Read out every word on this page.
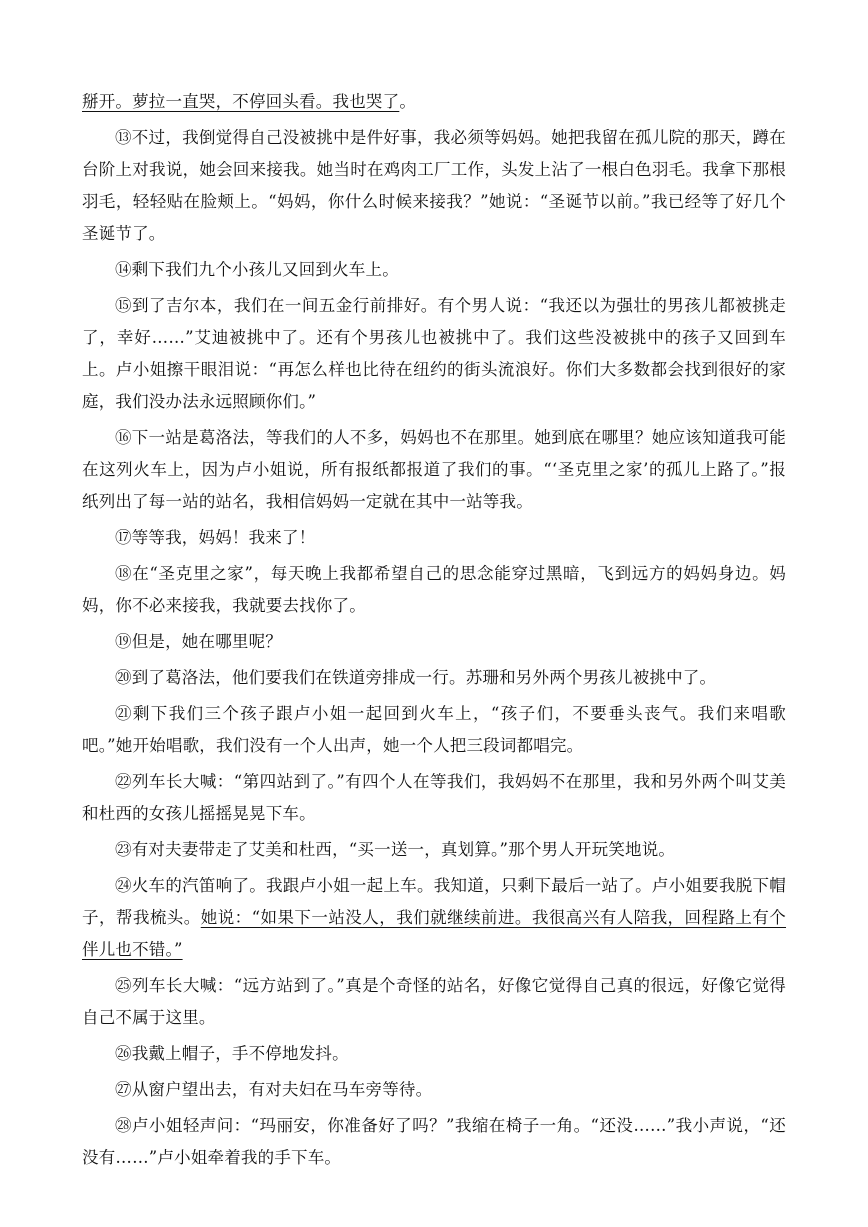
掰开。萝拉一直哭，不停回头看。我也哭了。

⑬不过，我倒觉得自己没被挑中是件好事，我必须等妈妈。她把我留在孤儿院的那天，蹲在台阶上对我说，她会回来接我。她当时在鸡肉工厂工作，头发上沾了一根白色羽毛。我拿下那根羽毛，轻轻贴在脸颊上。“妈妈，你什么时候来接我？”她说：“圣诞节以前。”我已经等了好几个圣诞节了。

⑭剩下我们九个小孩儿又回到火车上。

⑮到了吉尔本，我们在一间五金行前排好。有个男人说：“我还以为强壮的男孩儿都被挑走了，幸好……”艾迪被挑中了。还有个男孩儿也被挑中了。我们这些没被挑中的孩子又回到车上。卢小姐擦干眼泪说：“再怎么样也比待在纽约的街头流浪好。你们大多数都会找到很好的家庭，我们没办法永远照顾你们。”

⑯下一站是葛洛法，等我们的人不多，妈妈也不在那里。她到底在哪里？她应该知道我可能在这列火车上，因为卢小姐说，所有报纸都报道了我们的事。“‘圣克里之家’的孤儿上路了。”报纸列出了每一站的站名，我相信妈妈一定就在其中一站等我。

⑰等等我，妈妈！我来了！

⑱在“圣克里之家”，每天晚上我都希望自己的思念能穿过黑暗，飞到远方的妈妈身边。妈妈，你不必来接我，我就要去找你了。

⑲但是，她在哪里呢？

⑳到了葛洛法，他们要我们在铁道旁排成一行。苏珊和另外两个男孩儿被挑中了。

㉑剩下我们三个孩子跟卢小姐一起回到火车上，“孩子们，不要垂头丧气。我们来唱歌吧。”她开始唱歌，我们没有一个人出声，她一个人把三段词都唱完。

㉒列车长大喊：“第四站到了。”有四个人在等我们，我妈妈不在那里，我和另外两个叫艾美和杜西的女孩儿摇摇晃晃下车。

㉓有对夫妻带走了艾美和杜西，“买一送一，真划算。”那个男人开玩笑地说。

㉔火车的汽笛响了。我跟卢小姐一起上车。我知道，只剩下最后一站了。卢小姐要我脱下帽子，帮我梳头。她说：“如果下一站没人，我们就继续前进。我很高兴有人陪我，回程路上有个伴儿也不错。”

㉕列车长大喊：“远方站到了。”真是个奇怪的站名，好像它觉得自己真的很远，好像它觉得自己不属于这里。

㉖我戴上帽子，手不停地发抖。

㉗从窗户望出去，有对夫妇在马车旁等待。

㉘卢小姐轻声问：“玛丽安，你准备好了吗？”我缩在椅子一角。“还没……”我小声说，“还没有……”卢小姐牵着我的手下车。
